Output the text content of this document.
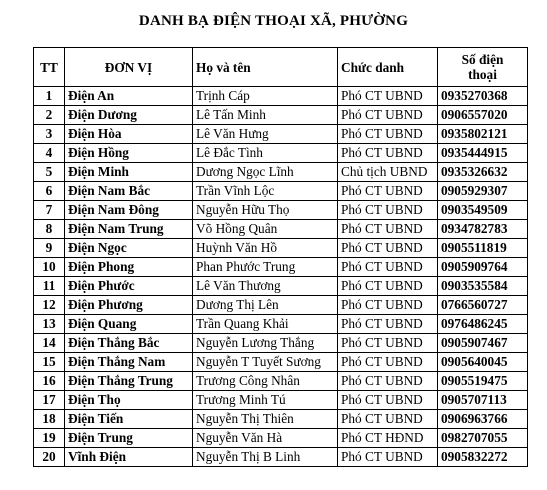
DANH BẠ ĐIỆN THOẠI XÃ, PHƯỜNG
TT	ĐƠN VỊ	Họ và tên	Chức danh	Số điện
thoại
1	Điện An	Trịnh Cáp	Phó CT UBND	0935270368
2	Điện Dương	Lê Tấn Minh	Phó CT UBND	0906557020
3	Điện Hòa	Lê Văn Hưng	Phó CT UBND	0935802121
4	Điện Hồng	Lê Đắc Tình	Phó CT UBND	0935444915
5	Điện Minh	Dương Ngọc Lĩnh	Chủ tịch UBND	0935326632
6	Điện Nam Bắc	Trần Vĩnh Lộc	Phó CT UBND	0905929307
7	Điện Nam Đông	Nguyễn Hữu Thọ	Phó CT UBND	0903549509
8	Điện Nam Trung	Võ Hồng Quân	Phó CT UBND	0934782783
9	Điện Ngọc	Huỳnh Văn Hồ	Phó CT UBND	0905511819
10	Điện Phong	Phan Phước Trung	Phó CT UBND	0905909764
11	Điện Phước	Lê Văn Thương	Phó CT UBND	0903535584
12	Điện Phương	Dương Thị Lên	Phó CT UBND	0766560727
13	Điện Quang	Trần Quang Khải	Phó CT UBND	0976486245
14	Điện Thắng Bắc	Nguyễn Lương Thắng	Phó CT UBND	0905907467
15	Điện Thắng Nam	Nguyễn T Tuyết Sương	Phó CT UBND	0905640045
16	Điện Thắng Trung	Trương Công Nhân	Phó CT UBND	0905519475
17	Điện Thọ	Trương Minh Tú	Phó CT UBND	0905707113
18	Điện Tiến	Nguyễn Thị Thiên	Phó CT UBND	0906963766
19	Điện Trung	Nguyễn Văn Hà	Phó CT HĐND	0982707055
20	Vĩnh Điện	Nguyễn Thị B Linh	Phó CT UBND	0905832272
